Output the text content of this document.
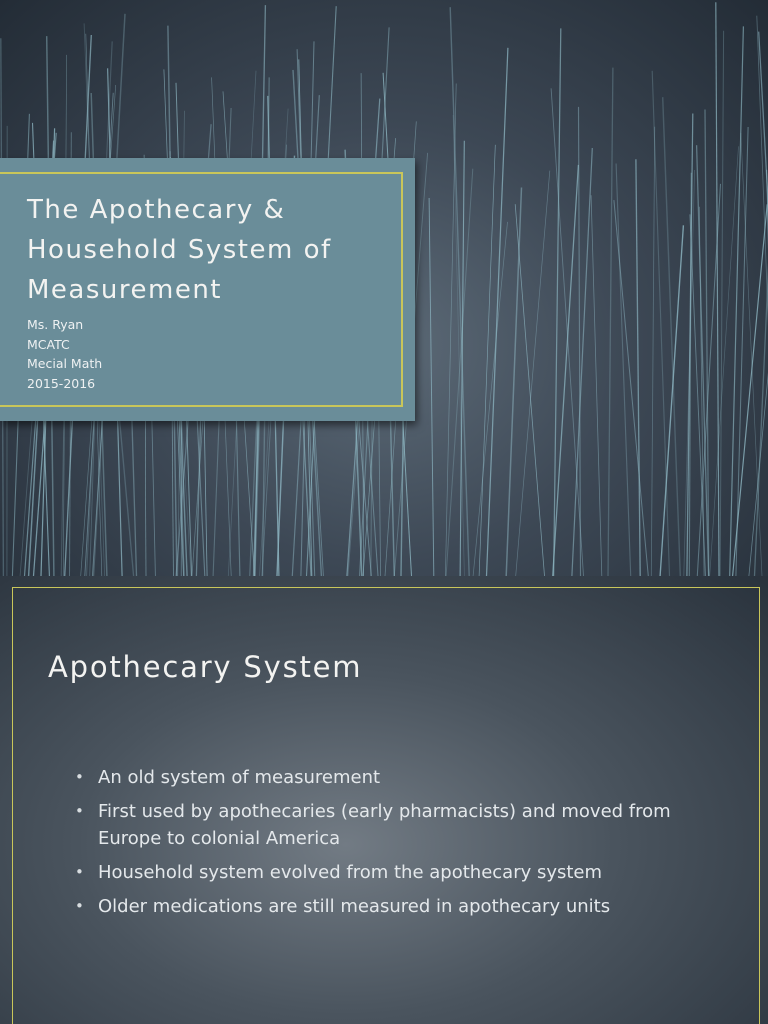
The Apothecary & Household System of Measurement
Ms. Ryan
MCATC
Mecial Math
2015-2016
Apothecary System
• An old system of measurement
• First used by apothecaries (early pharmacists) and moved from Europe to colonial America
• Household system evolved from the apothecary system
• Older medications are still measured in apothecary units
